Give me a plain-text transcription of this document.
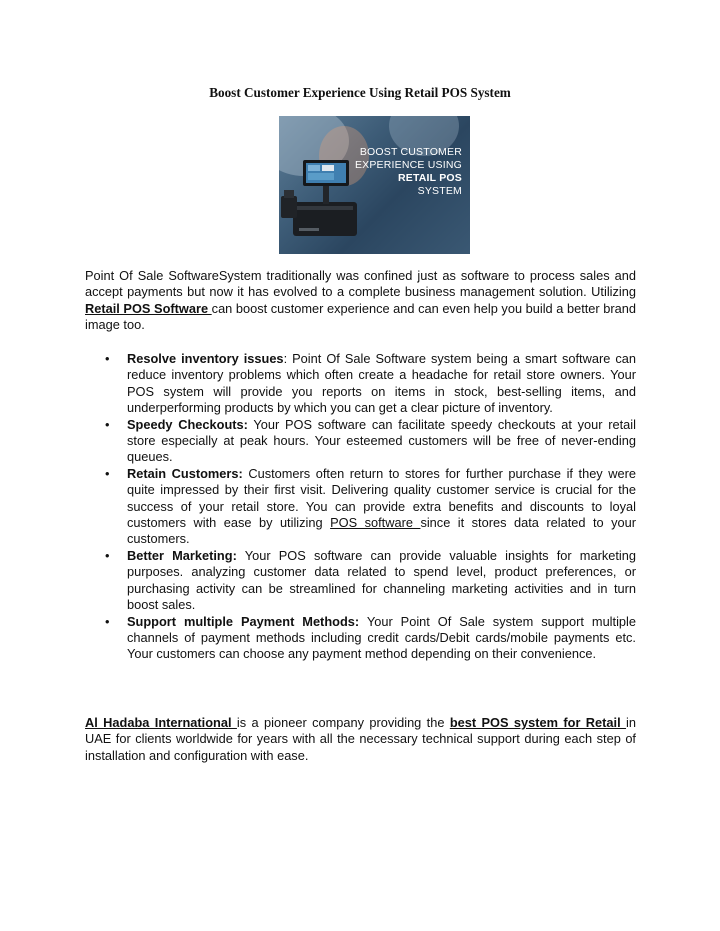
Boost Customer Experience Using Retail POS System
BOOST CUSTOMER
EXPERIENCE USING
RETAIL POS
SYSTEM
Point Of Sale SoftwareSystem traditionally was confined just as software to process sales and accept payments but now it has evolved to a complete business management solution. Utilizing Retail POS Software can boost customer experience and can even help you build a better brand image too.
• Resolve inventory issues: Point Of Sale Software system being a smart software can reduce inventory problems which often create a headache for retail store owners. Your POS system will provide you reports on items in stock, best-selling items, and underperforming products by which you can get a clear picture of inventory.
• Speedy Checkouts: Your POS software can facilitate speedy checkouts at your retail store especially at peak hours. Your esteemed customers will be free of never-ending queues.
• Retain Customers: Customers often return to stores for further purchase if they were quite impressed by their first visit. Delivering quality customer service is crucial for the success of your retail store. You can provide extra benefits and discounts to loyal customers with ease by utilizing POS software since it stores data related to your customers.
• Better Marketing: Your POS software can provide valuable insights for marketing purposes. analyzing customer data related to spend level, product preferences, or purchasing activity can be streamlined for channeling marketing activities and in turn boost sales.
• Support multiple Payment Methods: Your Point Of Sale system support multiple channels of payment methods including credit cards/Debit cards/mobile payments etc. Your customers can choose any payment method depending on their convenience.
Al Hadaba International is a pioneer company providing the best POS system for Retail in UAE for clients worldwide for years with all the necessary technical support during each step of installation and configuration with ease.
